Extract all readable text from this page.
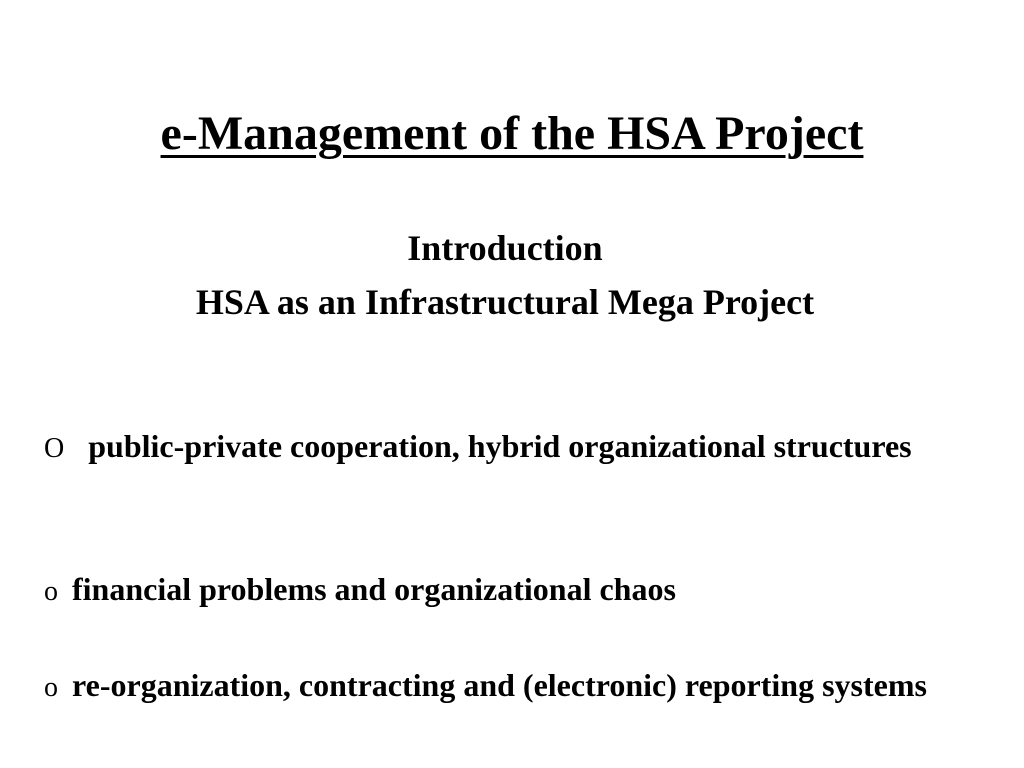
e-Management of the HSA Project

Introduction

HSA as an Infrastructural Mega Project

O public-private cooperation, hybrid organizational structures

o financial problems and organizational chaos

o re-organization, contracting and (electronic) reporting systems
